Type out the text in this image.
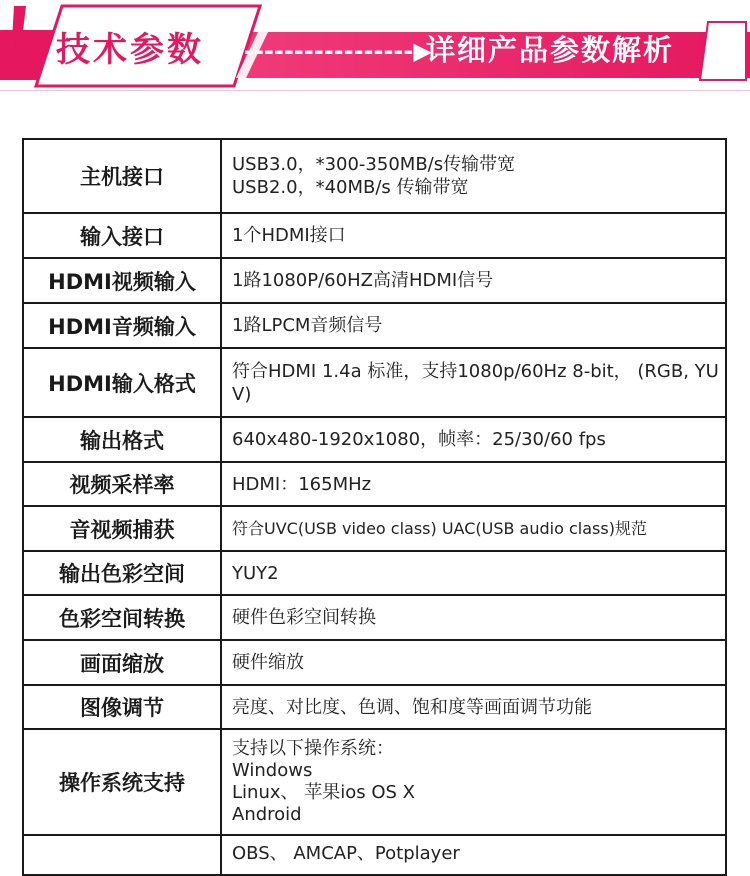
技术参数	-----------------▶
详细产品参数解析
主机接口	USB3.0，*300-350MB/s传输带宽
USB2.0，*40MB/s 传输带宽

输入接口	1个HDMI接口

HDMI视频输入	1路1080P/60HZ高清HDMI信号

HDMI音频输入	1路LPCM音频信号

HDMI输入格式	符合HDMI 1.4a 标准，支持1080p/60Hz 8-bit， (RGB, YUV)

输出格式	640x480-1920x1080，帧率：25/30/60 fps

视频采样率	HDMI：165MHz

音视频捕获	符合UVC(USB video class) UAC(USB audio class)规范

输出色彩空间	YUY2

色彩空间转换	硬件色彩空间转换

画面缩放	硬件缩放

图像调节	亮度、对比度、色调、饱和度等画面调节功能

操作系统支持	支持以下操作系统：
Windows
Linux、 苹果ios OS X
Android

	OBS、 AMCAP、Potplayer
